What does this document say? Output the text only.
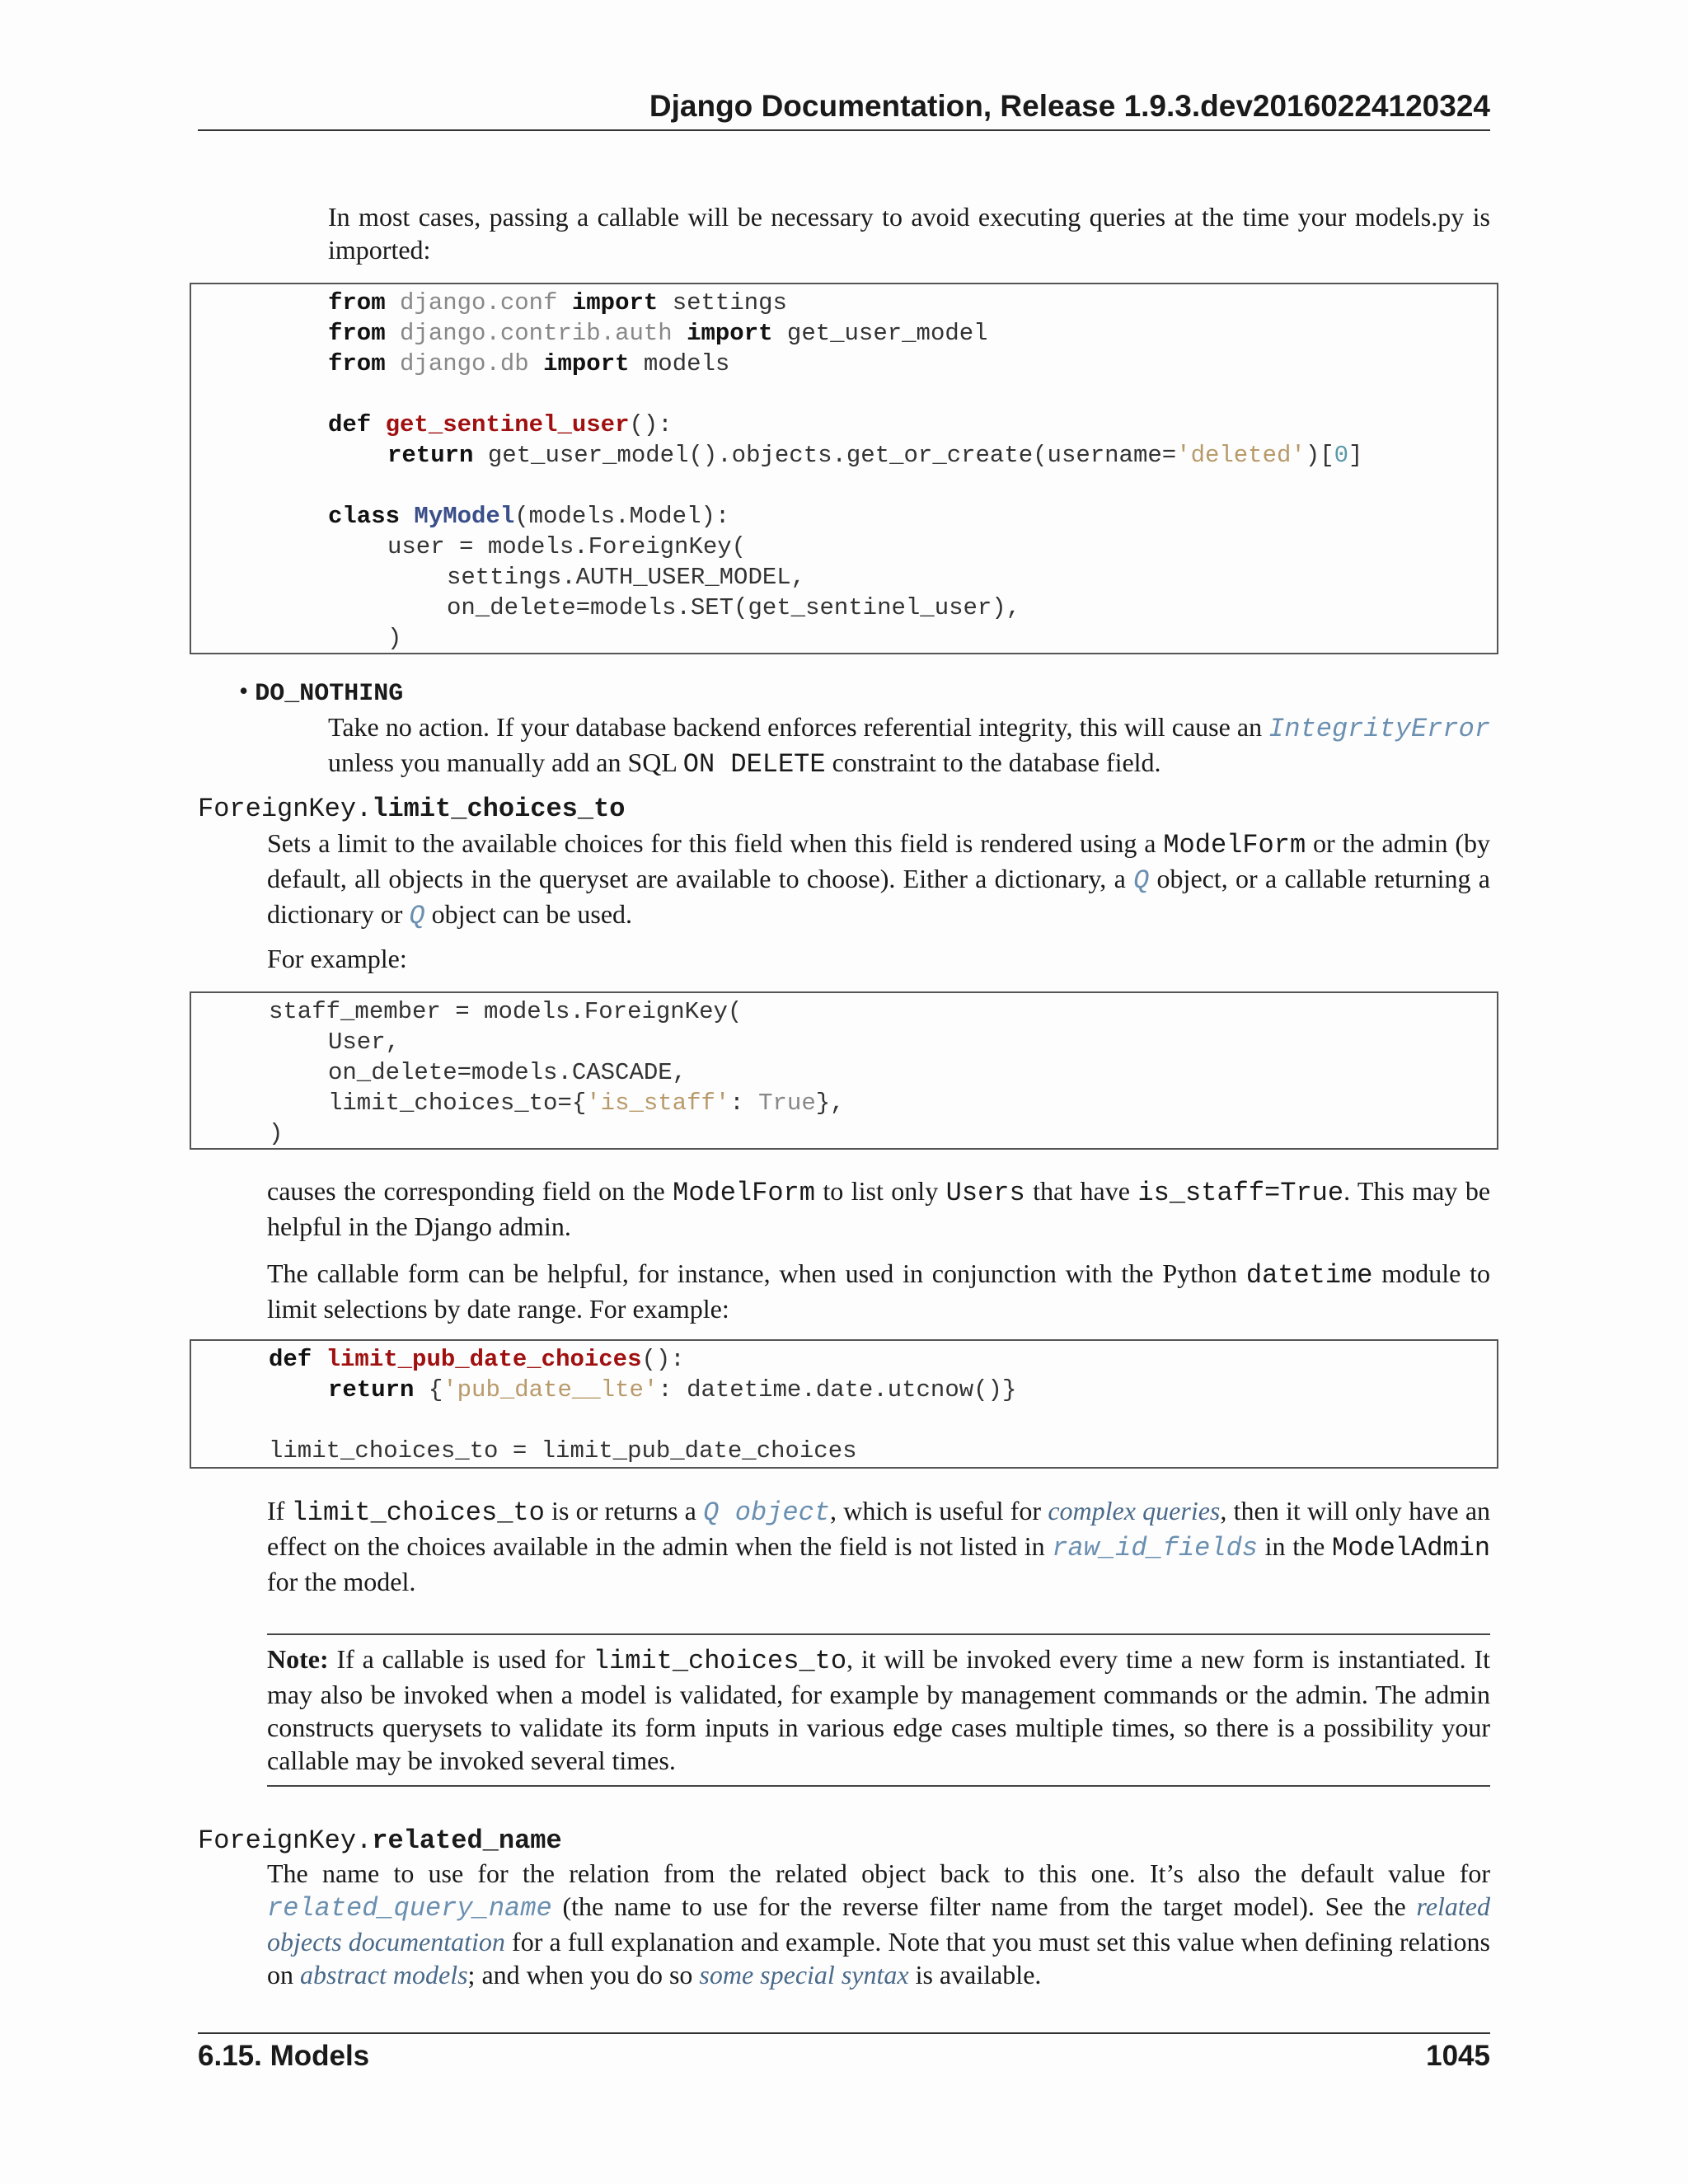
Django Documentation, Release 1.9.3.dev20160224120324
In most cases, passing a callable will be necessary to avoid executing queries at the time your models.py is imported:
from django.conf import settings
from django.contrib.auth import get_user_model
from django.db import models
def get_sentinel_user():
return get_user_model().objects.get_or_create(username='deleted')[0]
class MyModel(models.Model):
user = models.ForeignKey(
settings.AUTH_USER_MODEL,
on_delete=models.SET(get_sentinel_user),
)
• DO_NOTHING
Take no action. If your database backend enforces referential integrity, this will cause an IntegrityError unless you manually add an SQL ON DELETE constraint to the database field.
ForeignKey.limit_choices_to
Sets a limit to the available choices for this field when this field is rendered using a ModelForm or the admin (by default, all objects in the queryset are available to choose). Either a dictionary, a Q object, or a callable returning a dictionary or Q object can be used.
For example:
staff_member = models.ForeignKey(
User,
on_delete=models.CASCADE,
limit_choices_to={'is_staff': True},
)
causes the corresponding field on the ModelForm to list only Users that have is_staff=True. This may be helpful in the Django admin.
The callable form can be helpful, for instance, when used in conjunction with the Python datetime module to limit selections by date range. For example:
def limit_pub_date_choices():
return {'pub_date__lte': datetime.date.utcnow()}
limit_choices_to = limit_pub_date_choices
If limit_choices_to is or returns a Q object, which is useful for complex queries, then it will only have an effect on the choices available in the admin when the field is not listed in raw_id_fields in the ModelAdmin for the model.
Note: If a callable is used for limit_choices_to, it will be invoked every time a new form is instantiated. It may also be invoked when a model is validated, for example by management commands or the admin. The admin constructs querysets to validate its form inputs in various edge cases multiple times, so there is a possibility your callable may be invoked several times.
ForeignKey.related_name
The name to use for the relation from the related object back to this one. It’s also the default value for related_query_name (the name to use for the reverse filter name from the target model). See the related objects documentation for a full explanation and example. Note that you must set this value when defining relations on abstract models; and when you do so some special syntax is available.
6.15. Models	1045
